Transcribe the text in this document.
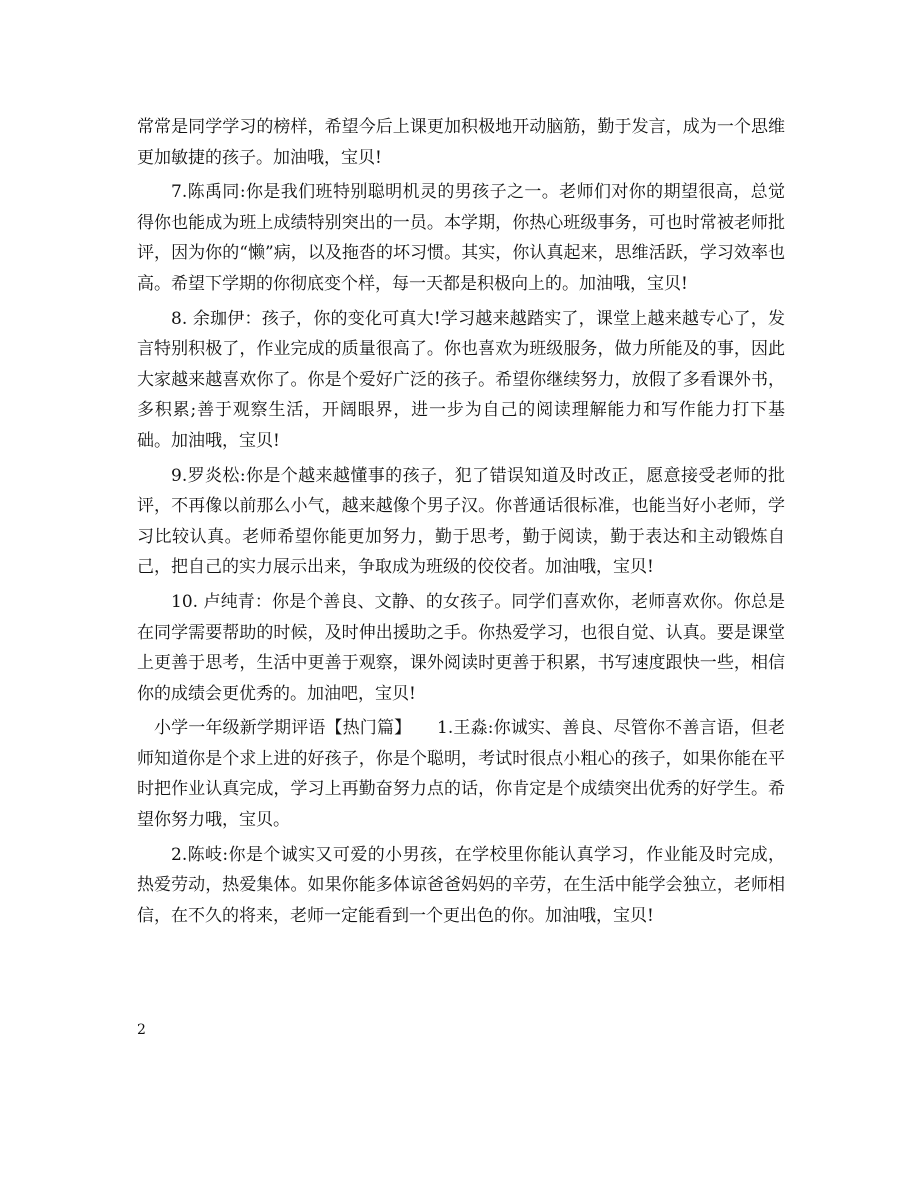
常常是同学学习的榜样，希望今后上课更加积极地开动脑筋，勤于发言，成为一个思维更加敏捷的孩子。加油哦，宝贝!

7.陈禹同:你是我们班特别聪明机灵的男孩子之一。老师们对你的期望很高，总觉得你也能成为班上成绩特别突出的一员。本学期，你热心班级事务，可也时常被老师批评，因为你的“懒”病，以及拖沓的坏习惯。其实，你认真起来，思维活跃，学习效率也高。希望下学期的你彻底变个样，每一天都是积极向上的。加油哦，宝贝!

8. 余珈伊：孩子，你的变化可真大!学习越来越踏实了，课堂上越来越专心了，发言特别积极了，作业完成的质量很高了。你也喜欢为班级服务，做力所能及的事，因此大家越来越喜欢你了。你是个爱好广泛的孩子。希望你继续努力，放假了多看课外书，多积累;善于观察生活，开阔眼界，进一步为自己的阅读理解能力和写作能力打下基础。加油哦，宝贝!

9.罗炎松:你是个越来越懂事的孩子，犯了错误知道及时改正，愿意接受老师的批评，不再像以前那么小气，越来越像个男子汉。你普通话很标准，也能当好小老师，学习比较认真。老师希望你能更加努力，勤于思考，勤于阅读，勤于表达和主动锻炼自己，把自己的实力展示出来，争取成为班级的佼佼者。加油哦，宝贝!

10. 卢纯青：你是个善良、文静、的女孩子。同学们喜欢你，老师喜欢你。你总是在同学需要帮助的时候，及时伸出援助之手。你热爱学习，也很自觉、认真。要是课堂上更善于思考，生活中更善于观察，课外阅读时更善于积累，书写速度跟快一些，相信你的成绩会更优秀的。加油吧，宝贝!

小学一年级新学期评语【热门篇】　　1.王淼:你诚实、善良、尽管你不善言语，但老师知道你是个求上进的好孩子，你是个聪明，考试时很点小粗心的孩子，如果你能在平时把作业认真完成，学习上再勤奋努力点的话，你肯定是个成绩突出优秀的好学生。希望你努力哦，宝贝。

2.陈岐:你是个诚实又可爱的小男孩，在学校里你能认真学习，作业能及时完成，热爱劳动，热爱集体。如果你能多体谅爸爸妈妈的辛劳，在生活中能学会独立，老师相信，在不久的将来，老师一定能看到一个更出色的你。加油哦，宝贝!

2
